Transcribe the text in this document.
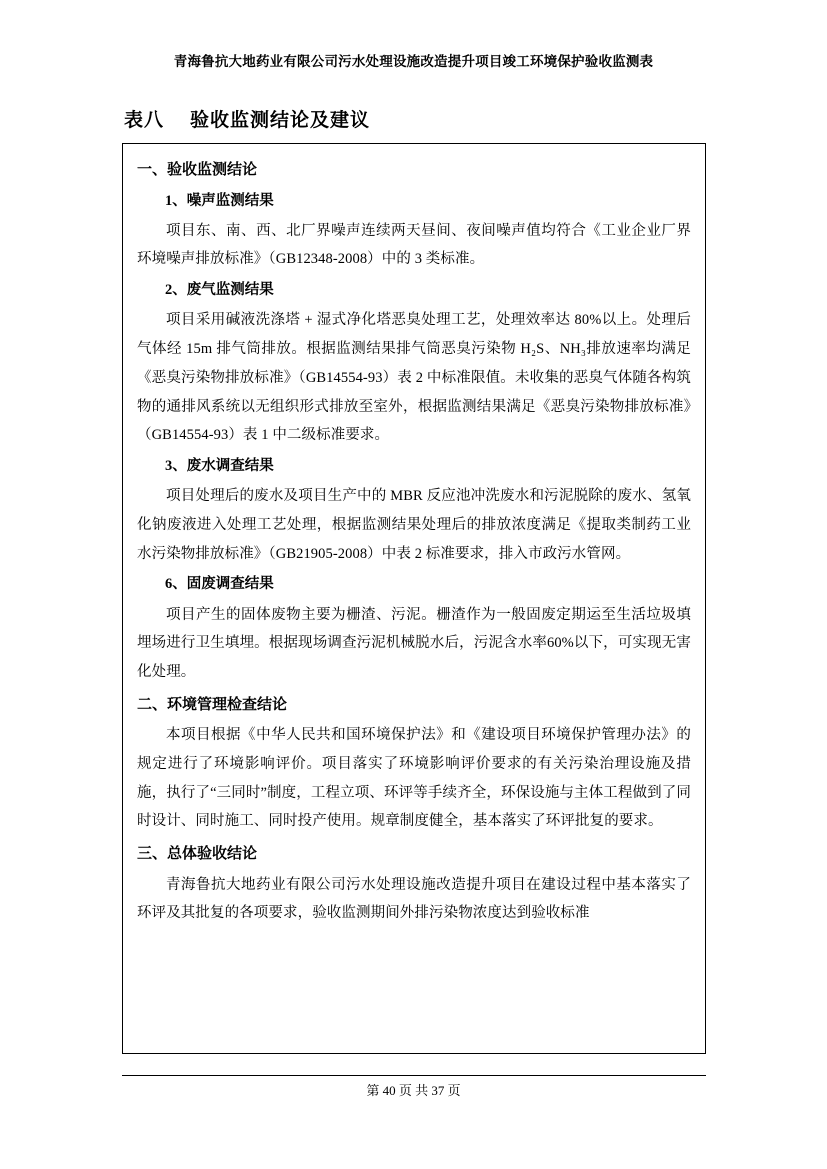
青海鲁抗大地药业有限公司污水处理设施改造提升项目竣工环境保护验收监测表
表八 验收监测结论及建议
一、验收监测结论
1、噪声监测结果

项目东、南、西、北厂界噪声连续两天昼间、夜间噪声值均符合《工业企业厂界环境噪声排放标准》（GB12348-2008）中的 3 类标准。

2、废气监测结果

项目采用碱液洗涤塔 + 湿式净化塔恶臭处理工艺，处理效率达 80%以上。处理后气体经 15m 排气筒排放。根据监测结果排气筒恶臭污染物 H₂S、NH₃排放速率均满足《恶臭污染物排放标准》（GB14554-93）表 2 中标准限值。未收集的恶臭气体随各构筑物的通排风系统以无组织形式排放至室外，根据监测结果满足《恶臭污染物排放标准》（GB14554-93）表 1 中二级标准要求。

3、废水调查结果

项目处理后的废水及项目生产中的 MBR 反应池冲洗废水和污泥脱除的废水、氢氧化钠废液进入处理工艺处理，根据监测结果处理后的排放浓度满足《提取类制药工业水污染物排放标准》（GB21905-2008）中表 2 标准要求，排入市政污水管网。

6、固废调查结果

项目产生的固体废物主要为栅渣、污泥。栅渣作为一般固废定期运至生活垃圾填埋场进行卫生填埋。根据现场调查污泥机械脱水后，污泥含水率60%以下，可实现无害化处理。

二、环境管理检查结论

本项目根据《中华人民共和国环境保护法》和《建设项目环境保护管理办法》的规定进行了环境影响评价。项目落实了环境影响评价要求的有关污染治理设施及措施，执行了“三同时”制度，工程立项、环评等手续齐全，环保设施与主体工程做到了同时设计、同时施工、同时投产使用。规章制度健全，基本落实了环评批复的要求。

三、总体验收结论

青海鲁抗大地药业有限公司污水处理设施改造提升项目在建设过程中基本落实了环评及其批复的各项要求，验收监测期间外排污染物浓度达到验收标准

第 40 页 共 37 页
